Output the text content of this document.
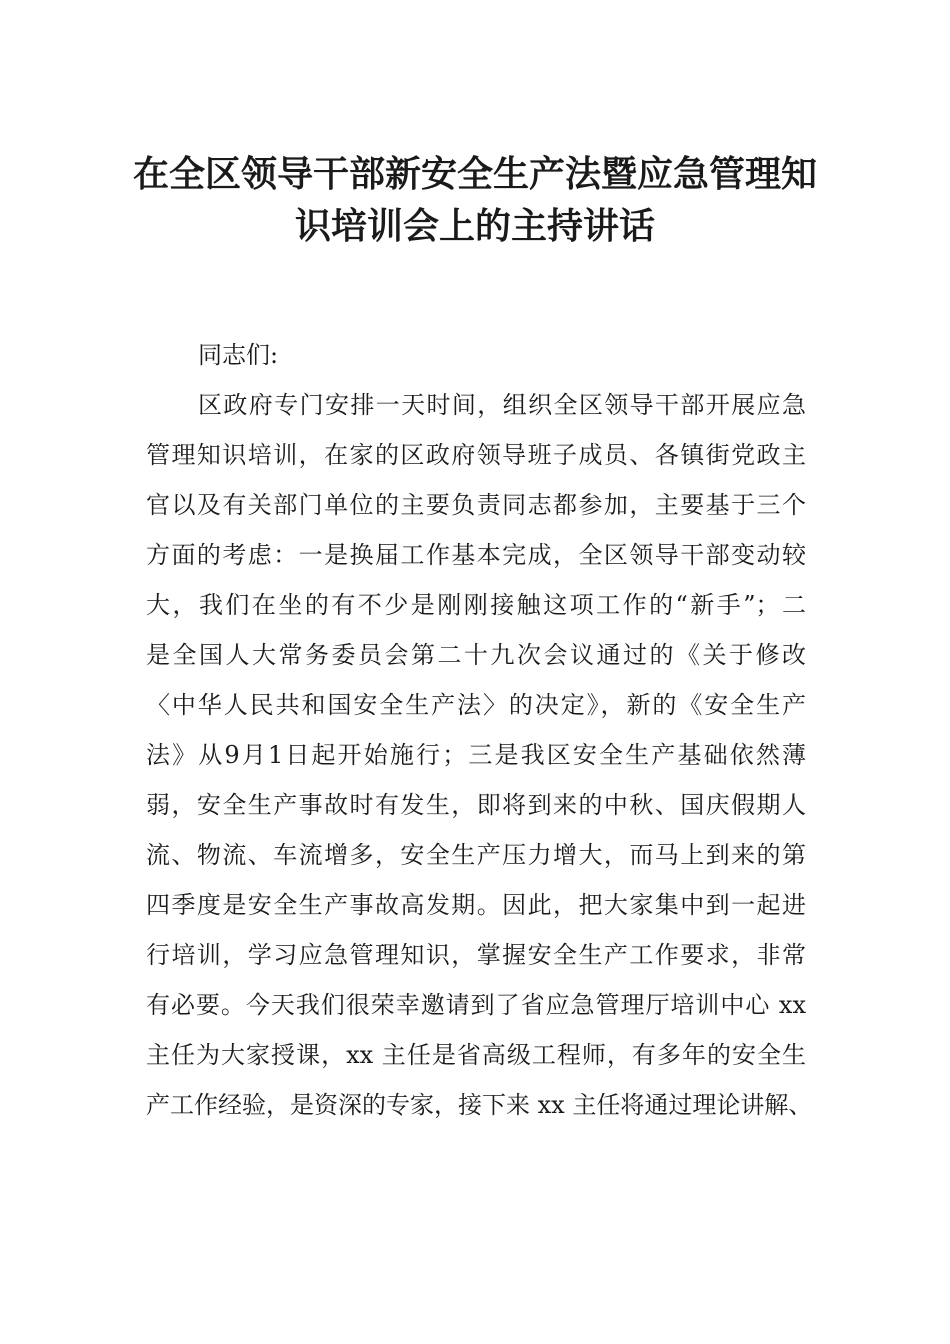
在全区领导干部新安全生产法暨应急管理知
识培训会上的主持讲话
同志们:
区政府专门安排一天时间，组织全区领导干部开展应急
管理知识培训，在家的区政府领导班子成员、各镇街党政主
官以及有关部门单位的主要负责同志都参加，主要基于三个
方面的考虑：一是换届工作基本完成，全区领导干部变动较
大，我们在坐的有不少是刚刚接触这项工作的“新手”；二
是全国人大常务委员会第二十九次会议通过的《关于修改
〈中华人民共和国安全生产法〉的决定》，新的《安全生产
法》从9月1日起开始施行；三是我区安全生产基础依然薄
弱，安全生产事故时有发生，即将到来的中秋、国庆假期人
流、物流、车流增多，安全生产压力增大，而马上到来的第
四季度是安全生产事故高发期。因此，把大家集中到一起进
行培训，学习应急管理知识，掌握安全生产工作要求，非常
有必要。今天我们很荣幸邀请到了省应急管理厅培训中心 xx
主任为大家授课，xx 主任是省高级工程师，有多年的安全生
产工作经验，是资深的专家，接下来 xx 主任将通过理论讲解、
